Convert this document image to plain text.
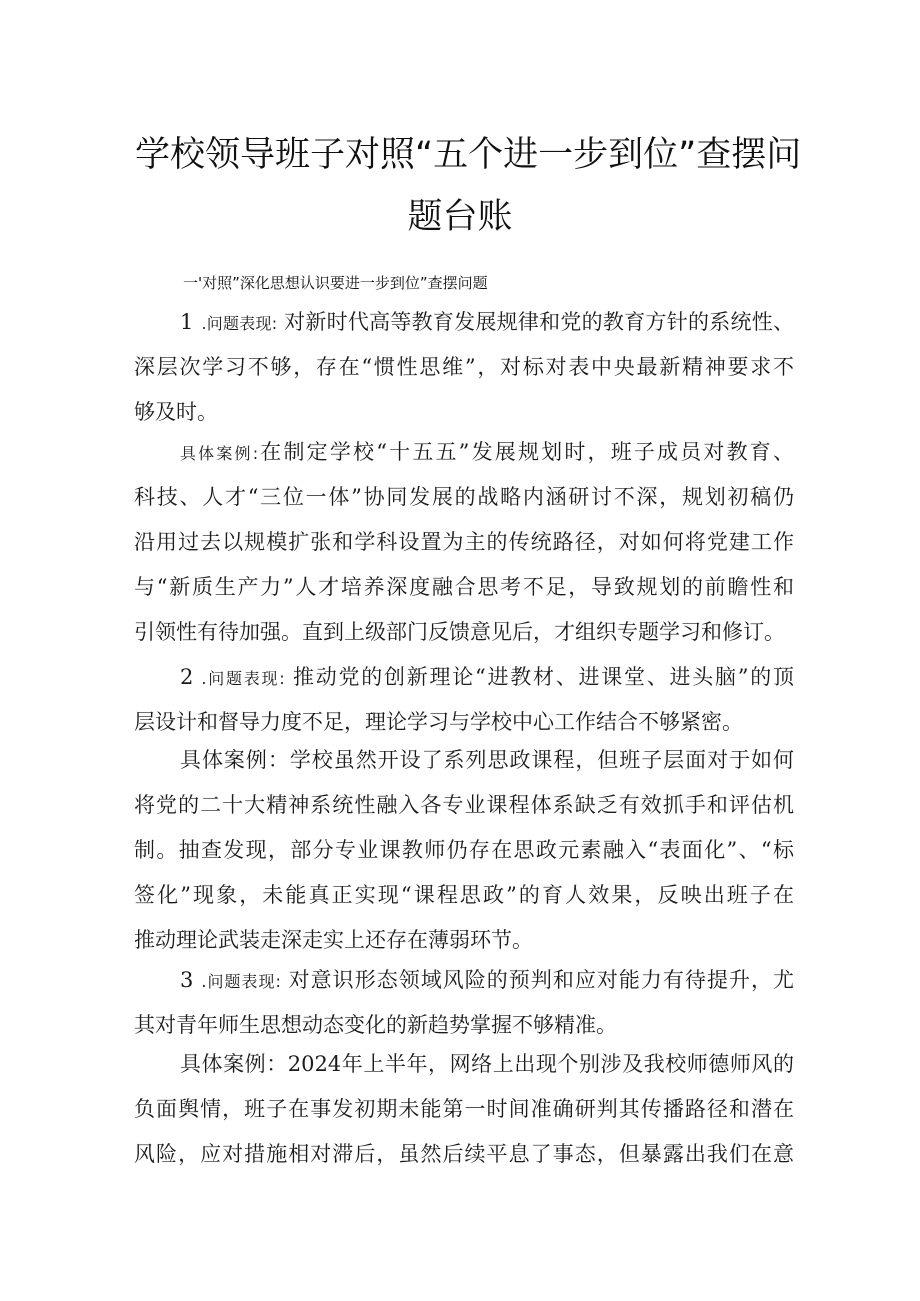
学校领导班子对照“五个进一步到位”查摆问
题台账
一'对照”深化思想认识要进一步到位”查摆问题
1 .问题表现: 对新时代高等教育发展规律和党的教育方针的系统性、
深层次学习不够，存在“惯性思维”，对标对表中央最新精神要求不
够及时。
具体案例:在制定学校“十五五”发展规划时，班子成员对教育、
科技、人才“三位一体”协同发展的战略内涵研讨不深，规划初稿仍
沿用过去以规模扩张和学科设置为主的传统路径，对如何将党建工作
与“新质生产力”人才培养深度融合思考不足，导致规划的前瞻性和
引领性有待加强。直到上级部门反馈意见后，才组织专题学习和修订。
2 .问题表现: 推动党的创新理论“进教材、进课堂、进头脑”的顶
层设计和督导力度不足，理论学习与学校中心工作结合不够紧密。
具体案例：学校虽然开设了系列思政课程，但班子层面对于如何
将党的二十大精神系统性融入各专业课程体系缺乏有效抓手和评估机
制。抽查发现，部分专业课教师仍存在思政元素融入“表面化”、“标
签化”现象，未能真正实现“课程思政”的育人效果，反映出班子在
推动理论武装走深走实上还存在薄弱环节。
3 .问题表现: 对意识形态领域风险的预判和应对能力有待提升，尤
其对青年师生思想动态变化的新趋势掌握不够精准。
具体案例：2024年上半年，网络上出现个别涉及我校师德师风的
负面舆情，班子在事发初期未能第一时间准确研判其传播路径和潜在
风险，应对措施相对滞后，虽然后续平息了事态，但暴露出我们在意
